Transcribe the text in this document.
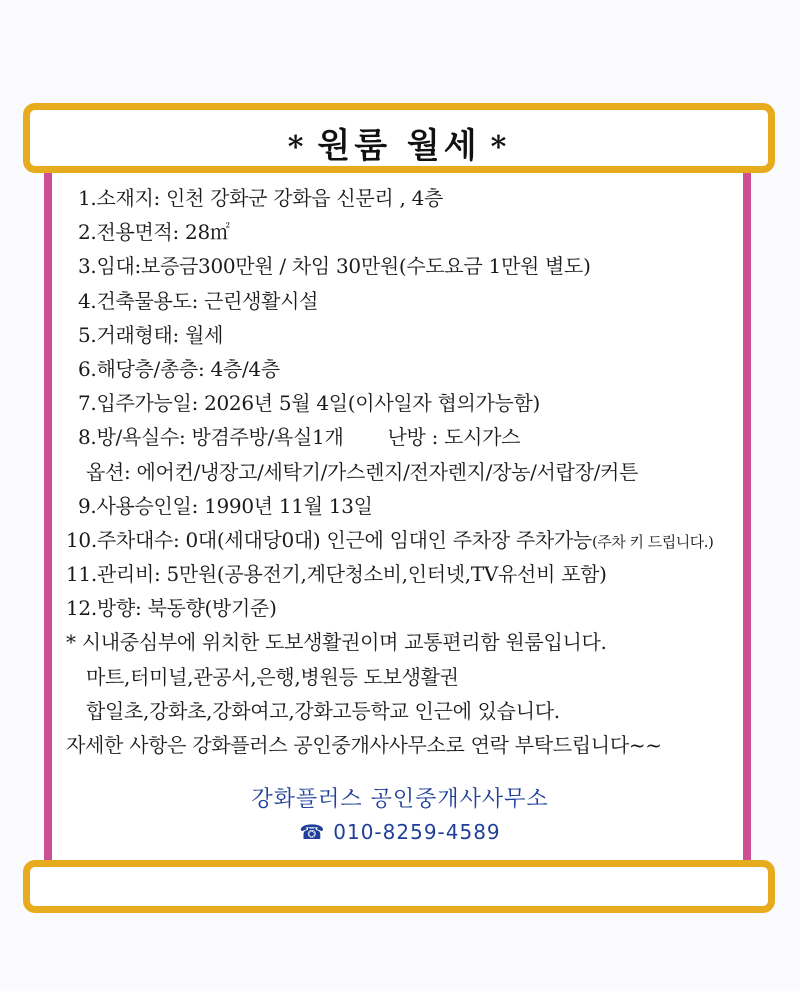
* 원룸 월세 *
1.소재지: 인천 강화군 강화읍 신문리 , 4층
2.전용면적: 28㎡
3.임대:보증금300만원 / 차임 30만원(수도요금 1만원 별도)
4.건축물용도: 근린생활시설
5.거래형태: 월세
6.해당층/총층: 4층/4층
7.입주가능일: 2026년 5월 4일(이사일자 협의가능함)
8.방/욕실수: 방겸주방/욕실1개 난방 : 도시가스
옵션: 에어컨/냉장고/세탁기/가스렌지/전자렌지/장농/서랍장/커튼
9.사용승인일: 1990년 11월 13일
10.주차대수: 0대(세대당0대) 인근에 임대인 주차장 주차가능(주차 키 드립니다.)
11.관리비: 5만원(공용전기,계단청소비,인터넷,TV유선비 포함)
12.방향: 북동향(방기준)
* 시내중심부에 위치한 도보생활권이며 교통편리함 원룸입니다.
마트,터미널,관공서,은행,병원등 도보생활권
합일초,강화초,강화여고,강화고등학교 인근에 있습니다.
자세한 사항은 강화플러스 공인중개사사무소로 연락 부탁드립니다~~
강화플러스 공인중개사사무소
☎ 010-8259-4589
